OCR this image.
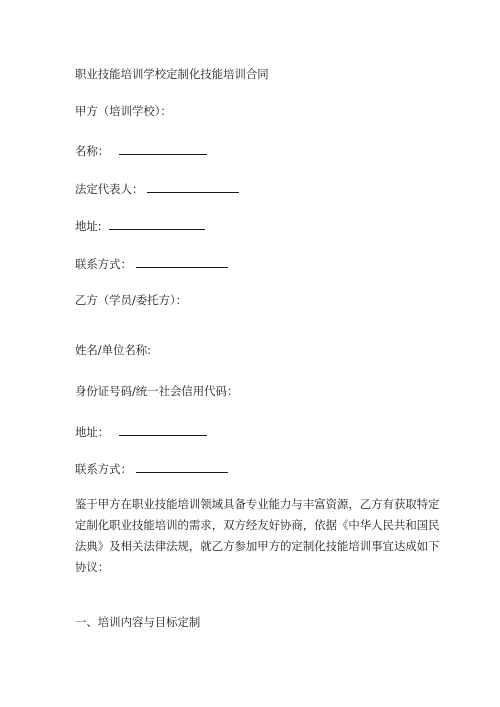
职业技能培训学校定制化技能培训合同
甲方（培训学校）：
名称：
法定代表人：
地址:
联系方式：
乙方（学员/委托方）：
姓名/单位名称:
身份证号码/统一社会信用代码：
地址：
联系方式：
鉴于甲方在职业技能培训领域具备专业能力与丰富资源，乙方有获取特定
定制化职业技能培训的需求，双方经友好协商，依据《中华人民共和国民
法典》及相关法律法规，就乙方参加甲方的定制化技能培训事宜达成如下
协议：
一、培训内容与目标定制
